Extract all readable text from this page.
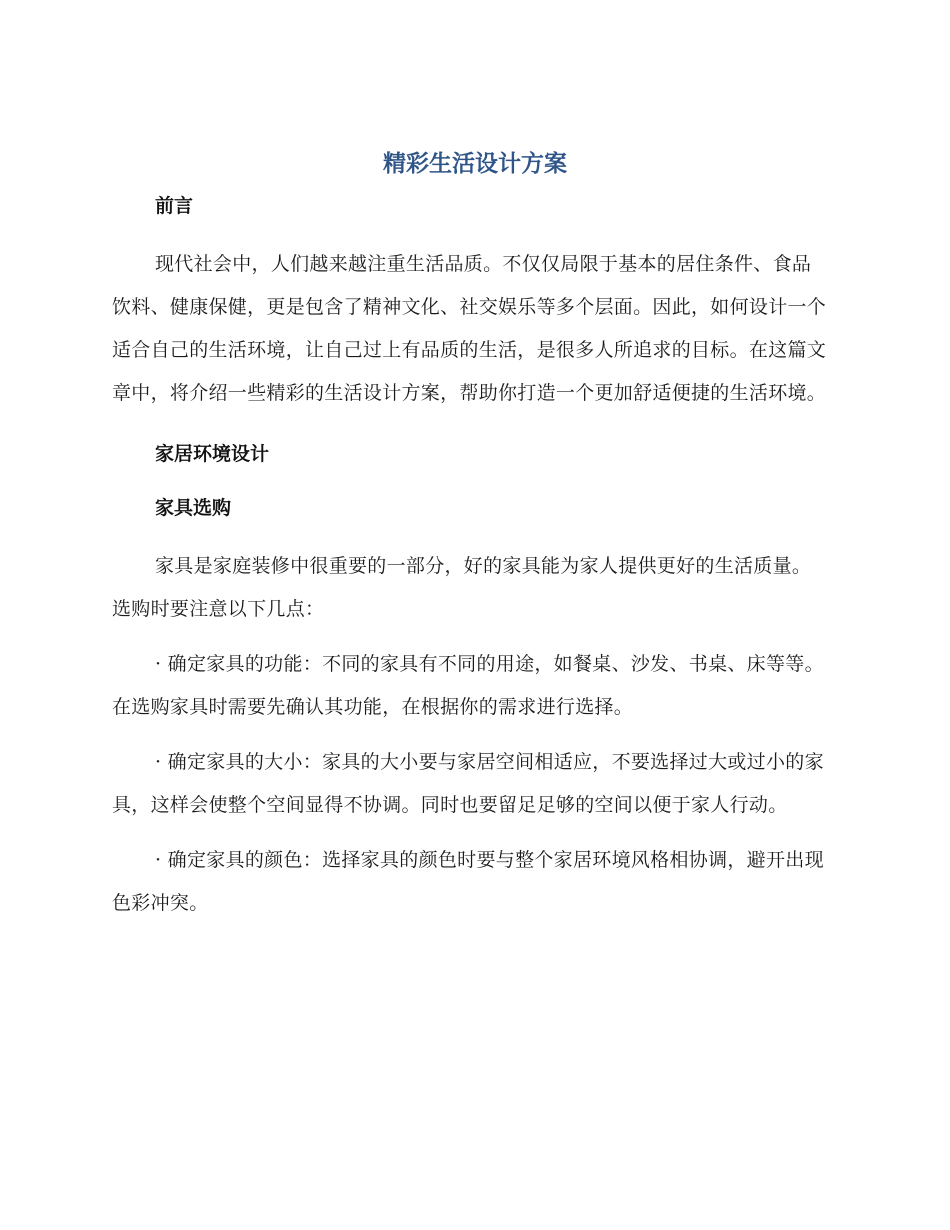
精彩生活设计方案
前言

现代社会中，人们越来越注重生活品质。不仅仅局限于基本的居住条件、食品饮料、健康保健，更是包含了精神文化、社交娱乐等多个层面。因此，如何设计一个适合自己的生活环境，让自己过上有品质的生活，是很多人所追求的目标。在这篇文章中，将介绍一些精彩的生活设计方案，帮助你打造一个更加舒适便捷的生活环境。

家居环境设计
家具选购

家具是家庭装修中很重要的一部分，好的家具能为家人提供更好的生活质量。选购时要注意以下几点：

· 确定家具的功能：不同的家具有不同的用途，如餐桌、沙发、书桌、床等等。在选购家具时需要先确认其功能，在根据你的需求进行选择。

· 确定家具的大小：家具的大小要与家居空间相适应，不要选择过大或过小的家具，这样会使整个空间显得不协调。同时也要留足足够的空间以便于家人行动。

· 确定家具的颜色：选择家具的颜色时要与整个家居环境风格相协调，避开出现色彩冲突。
